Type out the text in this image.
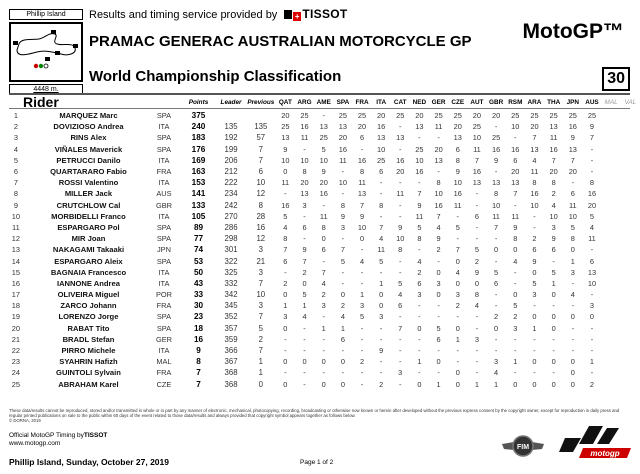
Phillip Island
4448 m.
Results and timing service provided by + TISSOT
PRAMAC GENERAC AUSTRALIAN MOTORCYCLE GP MotoGP™
World Championship Classification	30
Rider			Points	Leader	Previous	QAT	ARG	AME	SPA	FRA	ITA	CAT	NED	GER	CZE	AUT	GBR	RSM	ARA	THA	JPN	AUS	MAL	VAL
1	MARQUEZ Marc	SPA	375			20	25	-	25	25	20	25	20	25	25	20	20	25	25	25	25	25		
2	DOVIZIOSO Andrea	ITA	240	135	135	25	16	13	13	20	16	-	13	11	20	25	-	10	20	13	16	9		
3	RINS Alex	SPA	183	192	57	13	11	25	20	6	13	13	-	-	13	10	25	-	7	11	9	7		
4	VIÑALES Maverick	SPA	176	199	7	9	-	5	16	-	10	-	25	20	6	11	16	16	13	16	13	-		
5	PETRUCCI Danilo	ITA	169	206	7	10	10	10	11	16	25	16	10	13	8	7	9	6	4	7	7	-		
6	QUARTARARO Fabio	FRA	163	212	6	0	8	9	-	8	6	20	16	-	9	16	-	20	11	20	20	-		
7	ROSSI Valentino	ITA	153	222	10	11	20	20	10	11	-	-	-	8	10	13	13	13	8	8	-	8		
8	MILLER Jack	AUS	141	234	12	-	13	16	-	13	-	11	7	10	16	-	8	7	16	2	6	16		
9	CRUTCHLOW Cal	GBR	133	242	8	16	3	-	8	7	8	-	9	16	11	-	10	-	10	4	11	20		
10	MORBIDELLI Franco	ITA	105	270	28	5	-	11	9	9	-	-	11	7	-	6	11	11	-	10	10	5		
11	ESPARGARO Pol	SPA	89	286	16	4	6	8	3	10	7	9	5	4	5	-	7	9	-	3	5	4		
12	MIR Joan	SPA	77	298	12	8	-	0	-	0	4	10	8	9	-	-	-	8	2	9	8	11		
13	NAKAGAMI Takaaki	JPN	74	301	3	7	9	6	7	-	11	8	-	2	7	5	0	0	6	6	0	-		
14	ESPARGARO Aleix	SPA	53	322	21	6	7	-	5	4	5	-	4	-	0	2	-	4	9	-	1	6		
15	BAGNAIA Francesco	ITA	50	325	3	-	2	7	-	-	-	-	2	0	4	9	5	-	0	5	3	13		
16	IANNONE Andrea	ITA	43	332	7	2	0	4	-	-	1	5	6	3	0	0	6	-	5	1	-	10		
17	OLIVEIRA Miguel	POR	33	342	10	0	5	2	0	1	0	4	3	0	3	8	-	0	3	0	4	-		
18	ZARCO Johann	FRA	30	345	3	1	1	3	2	3	0	6	-	-	2	4	-	5	-	-	-	3		
19	LORENZO Jorge	SPA	23	352	7	3	4	-	4	5	3	-	-	-	-	-	2	2	0	0	0	0		
20	RABAT Tito	SPA	18	357	5	0	-	1	1	-	-	7	0	5	0	-	0	3	1	0	-	-		
21	BRADL Stefan	GER	16	359	2	-	-	-	6	-	-	-	-	6	1	3	-	-	-	-	-	-		
22	PIRRO Michele	ITA	9	366	7	-	-	-	-	-	9	-	-	-	-	-	-	-	-	-	-	-		
23	SYAHRIN Hafizh	MAL	8	367	1	0	0	0	0	2	-	-	1	0	-	-	3	1	0	0	0	1		
24	GUINTOLI Sylvain	FRA	7	368	1	-	-	-	-	-	-	3	-	-	0	-	4	-	-	-	0	-		
25	ABRAHAM Karel	CZE	7	368	0	0	-	0	0	-	2	-	0	1	0	1	1	0	0	0	0	2		
These data/results cannot be reproduced, stored and/or transmitted in whole or in part by any manner of electronic, mechanical, photocopying, recording, broadcasting or otherwise now known or herein after developed without the previous express consent by the copyright owner, except for reproduction in daily press and regular printed publications on sale to the public within 60 days of the event related to those data/results and always provided that copyright symbol appears together as follows below.
© DORNA, 2019
Official MotoGP Timing byTISSOT
www.motogp.com
Phillip Island, Sunday, October 27, 2019	Page 1 of 2
FIM
motogp
